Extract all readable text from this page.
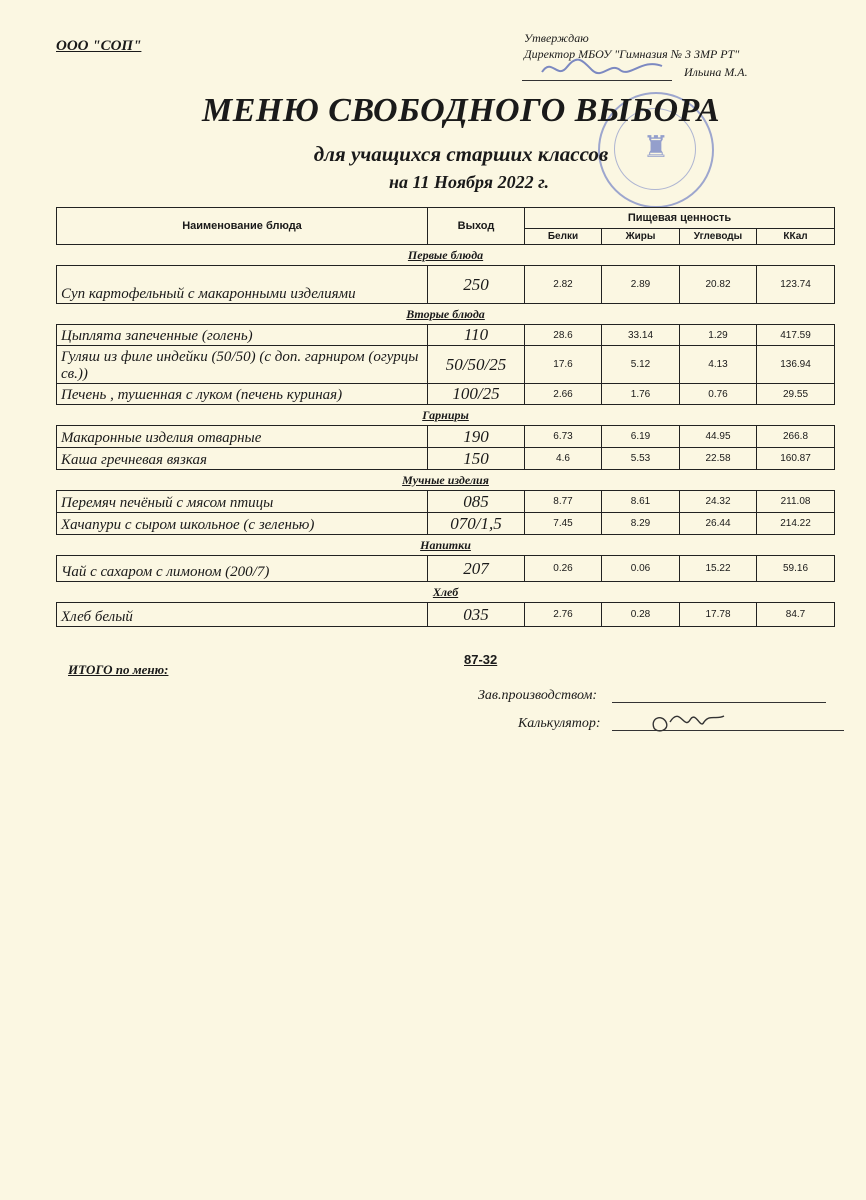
ООО "СОП"	Утверждаю
Директор МБОУ "Гимназия № 3 ЗМР РТ"
Ильина М.А.
♜
МЕНЮ СВОБОДНОГО ВЫБОРА
для учащихся старших классов
на 11 Ноября 2022 г.
Наименование блюда	Выход	Пищевая ценность			
		Белки	Жиры	Углеводы	ККал
Первые блюда					
Суп картофельный с макаронными изделиями	250	2.82	2.89	20.82	123.74
Вторые блюда					
Цыплята запеченные (голень)	110	28.6	33.14	1.29	417.59
Гуляш из филе индейки (50/50) (с доп. гарниром (огурцы св.))	50/50/25	17.6	5.12	4.13	136.94
Печень , тушенная с луком (печень куриная)	100/25	2.66	1.76	0.76	29.55
Гарниры					
Макаронные изделия отварные	190	6.73	6.19	44.95	266.8
Каша гречневая вязкая	150	4.6	5.53	22.58	160.87
Мучные изделия					
Перемяч печёный с мясом птицы	085	8.77	8.61	24.32	211.08
Хачапури с сыром школьное (с зеленью)	070/1,5	7.45	8.29	26.44	214.22
Напитки					
Чай с сахаром с лимоном (200/7)	207	0.26	0.06	15.22	59.16
Хлеб					
Хлеб белый	035	2.76	0.28	17.78	84.7
ИТОГО по меню:
87-32
Зав.производством:
Калькулятор:
